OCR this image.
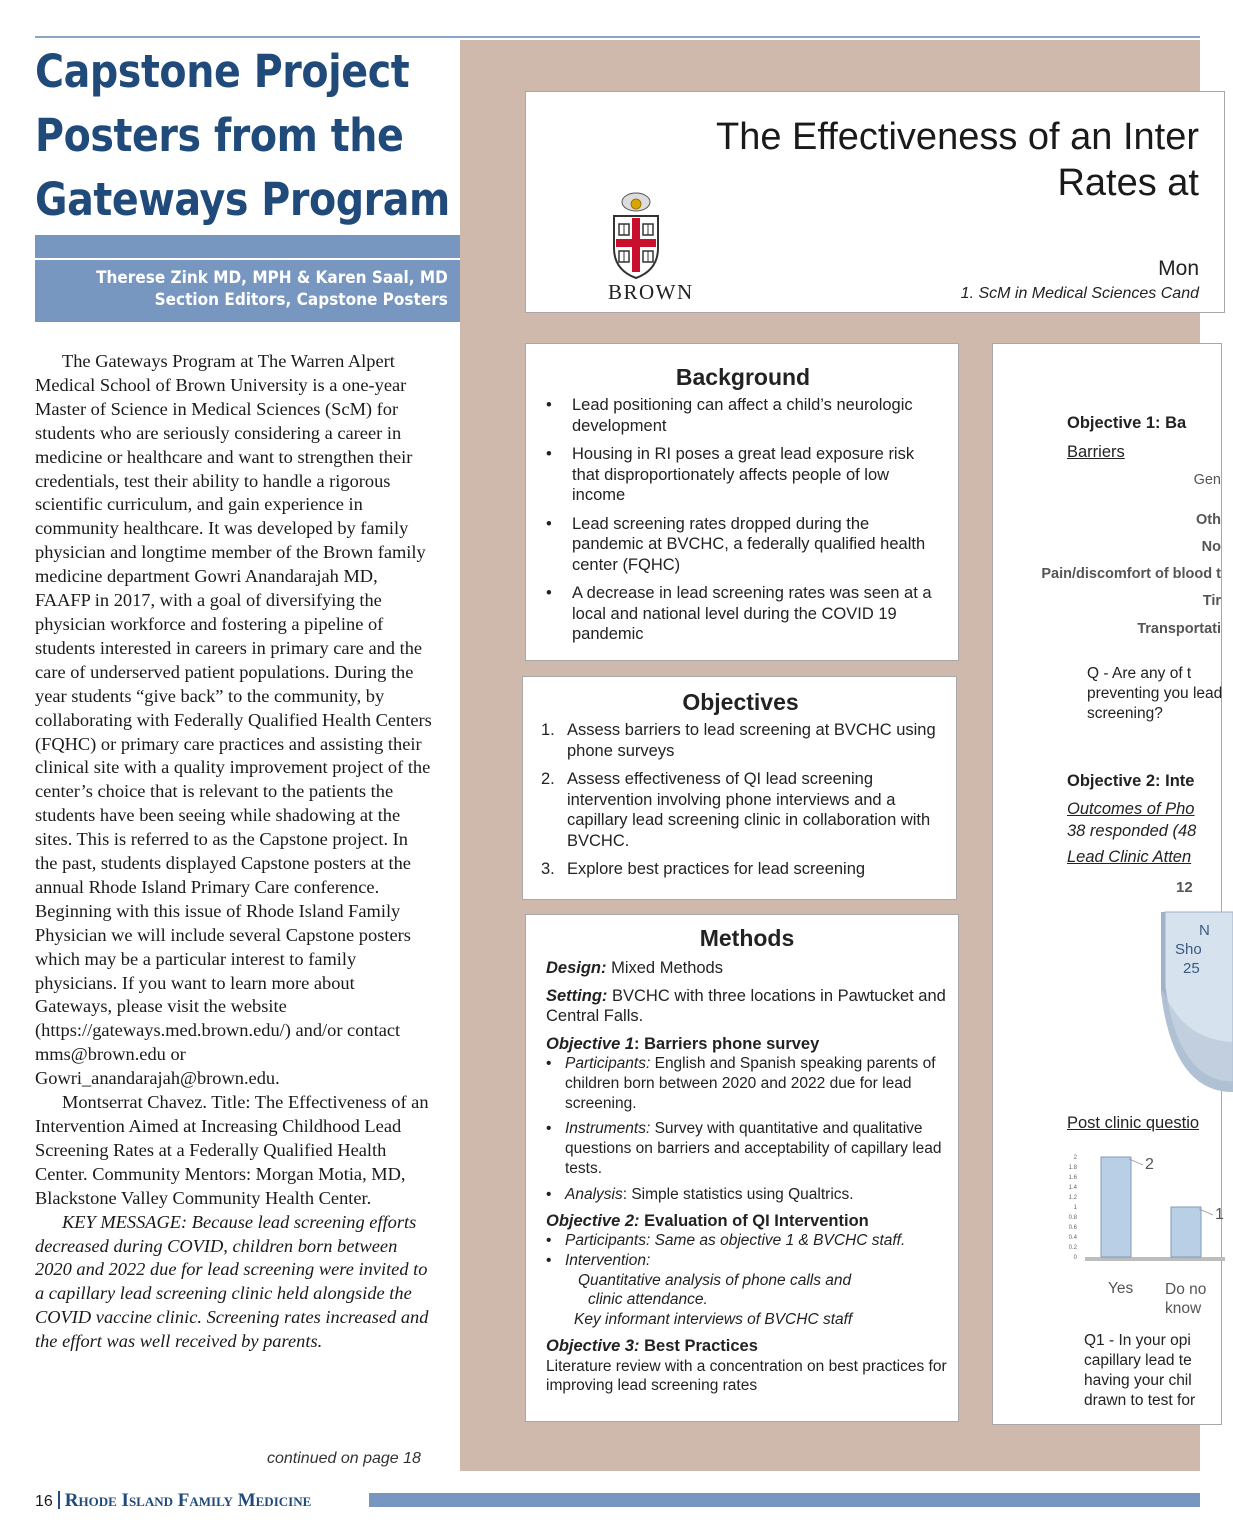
Capstone Project
Posters from the
Gateways Program
Therese Zink MD, MPH & Karen Saal, MD
Section Editors, Capstone Posters

The Gateways Program at The Warren Alpert Medical School of Brown University is a one-year Master of Science in Medical Sciences (ScM) for students who are seriously considering a career in medicine or healthcare and want to strengthen their credentials, test their ability to handle a rigorous scientific curriculum, and gain experience in community healthcare. It was developed by family physician and longtime member of the Brown family medicine department Gowri Anandarajah MD, FAAFP in 2017, with a goal of diversifying the physician workforce and fostering a pipeline of students interested in careers in primary care and the care of underserved patient populations. During the year students “give back” to the community, by collaborating with Federally Qualified Health Centers (FQHC) or primary care practices and assisting their clinical site with a quality improvement project of the center’s choice that is relevant to the patients the students have been seeing while shadowing at the sites. This is referred to as the Capstone project. In the past, students displayed Capstone posters at the annual Rhode Island Primary Care conference. Beginning with this issue of Rhode Island Family Physician we will include several Capstone posters which may be a particular interest to family physicians. If you want to learn more about Gateways, please visit the website (https://gateways.med.brown.edu/) and/or contact mms@brown.edu or Gowri_anandarajah@brown.edu.

Montserrat Chavez. Title: The Effectiveness of an Intervention Aimed at Increasing Childhood Lead Screening Rates at a Federally Qualified Health Center. Community Mentors: Morgan Motia, MD, Blackstone Valley Community Health Center.

KEY MESSAGE: Because lead screening efforts decreased during COVID, children born between 2020 and 2022 due for lead screening were invited to a capillary lead screening clinic held alongside the COVID vaccine clinic. Screening rates increased and the effort was well received by parents.

continued on page 18
16 Rhode Island Family Medicine
The Effectiveness of an Inter
Rates at
BROWN
Mon
1. ScM in Medical Sciences Cand
Background
• Lead positioning can affect a child’s neurologic development
• Housing in RI poses a great lead exposure risk that disproportionately affects people of low income
• Lead screening rates dropped during the pandemic at BVCHC, a federally qualified health center (FQHC)
• A decrease in lead screening rates was seen at a local and national level during the COVID 19 pandemic
Objectives
1. Assess barriers to lead screening at BVCHC using phone surveys
2. Assess effectiveness of QI lead screening intervention involving phone interviews and a capillary lead screening clinic in collaboration with BVCHC.
3. Explore best practices for lead screening
Methods
Design: Mixed Methods
Setting: BVCHC with three locations in Pawtucket and Central Falls.
Objective 1: Barriers phone survey
• Participants: English and Spanish speaking parents of children born between 2020 and 2022 due for lead screening.
• Instruments: Survey with quantitative and qualitative questions on barriers and acceptability of capillary lead tests.
• Analysis: Simple statistics using Qualtrics.
Objective 2: Evaluation of QI Intervention
• Participants: Same as objective 1 & BVCHC staff.
• Intervention:
Quantitative analysis of phone calls and
clinic attendance.
Key informant interviews of BVCHC staff
Objective 3: Best Practices
Literature review with a concentration on best practices for improving lead screening rates
Objective 1: Ba
Barriers
Gen
Oth
No
Pain/discomfort of blood t
Tir
Transportati
Q - Are any of t preventing you lead screening?
Objective 2: Inte
Outcomes of Pho
38 responded (48
Lead Clinic Atten
12
N
Sho
25
Post clinic questio
2
1.8
1.6
1.4
1.2
1
0.8
0.6
0.4
0.2
0
2
1
Yes Do no know
Q1 - In your opi capillary lead te having your chil drawn to test for
